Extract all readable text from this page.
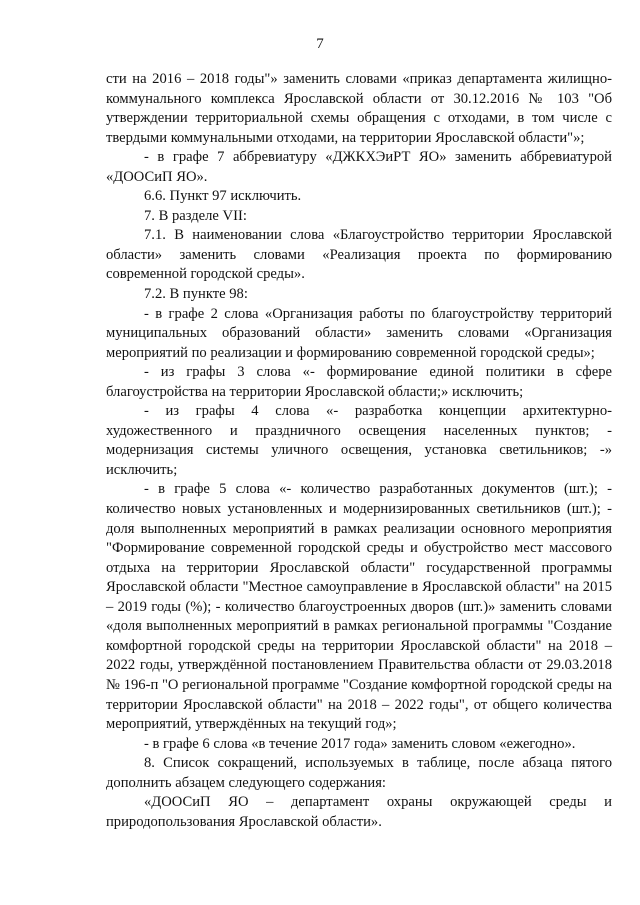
7

сти на 2016 – 2018 годы"» заменить словами «приказ департамента жилищно-коммунального комплекса Ярославской области от 30.12.2016 № 103 "Об утверждении территориальной схемы обращения с отходами, в том числе с твердыми коммунальными отходами, на территории Ярославской области"»;

- в графе 7 аббревиатуру «ДЖКХЭиРТ ЯО» заменить аббревиатурой «ДООСиП ЯО».

6.6. Пункт 97 исключить.

7. В разделе VII:

7.1. В наименовании слова «Благоустройство территории Ярославской области» заменить словами «Реализация проекта по формированию современной городской среды».

7.2. В пункте 98:

- в графе 2 слова «Организация работы по благоустройству территорий муниципальных образований области» заменить словами «Организация мероприятий по реализации и формированию современной городской среды»;

- из графы 3 слова «- формирование единой политики в сфере благоустройства на территории Ярославской области;» исключить;

- из графы 4 слова «- разработка концепции архитектурно-художественного и праздничного освещения населенных пунктов; - модернизация системы уличного освещения, установка светильников; -» исключить;

- в графе 5 слова «- количество разработанных документов (шт.); - количество новых установленных и модернизированных светильников (шт.); - доля выполненных мероприятий в рамках реализации основного мероприятия "Формирование современной городской среды и обустройство мест массового отдыха на территории Ярославской области" государственной программы Ярославской области "Местное самоуправление в Ярославской области" на 2015 – 2019 годы (%); - количество благоустроенных дворов (шт.)» заменить словами «доля выполненных мероприятий в рамках региональной программы "Создание комфортной городской среды на территории Ярославской области" на 2018 – 2022 годы, утверждённой постановлением Правительства области от 29.03.2018 № 196-п "О региональной программе "Создание комфортной городской среды на территории Ярославской области" на 2018 – 2022 годы", от общего количества мероприятий, утверждённых на текущий год»;

- в графе 6 слова «в течение 2017 года» заменить словом «ежегодно».

8. Список сокращений, используемых в таблице, после абзаца пятого дополнить абзацем следующего содержания:

«ДООСиП ЯО – департамент охраны окружающей среды и природопользования Ярославской области».
